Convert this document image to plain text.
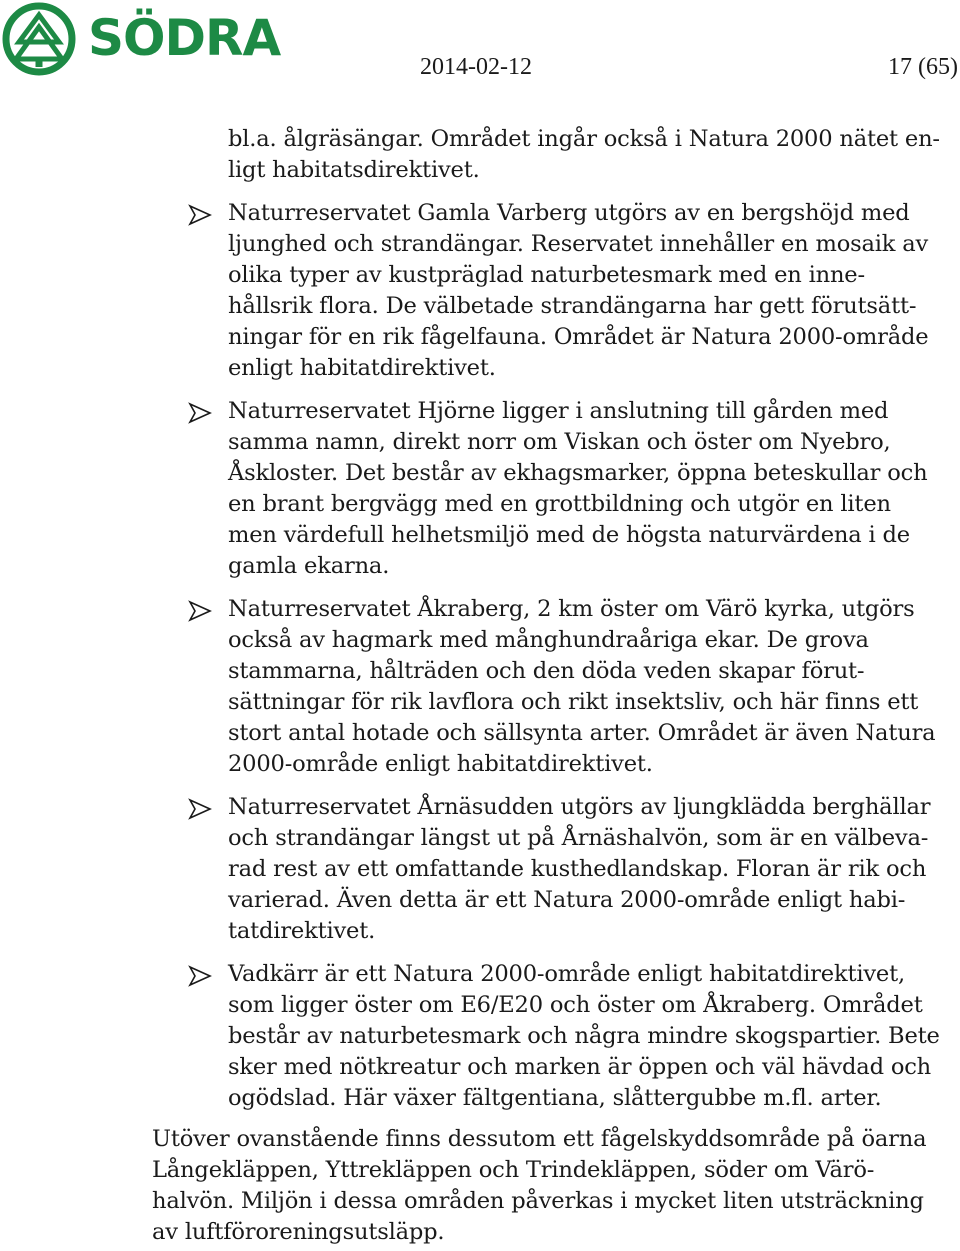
SÖDRA	2014-02-12	17 (65)
bl.a. ålgräsängar. Området ingår också i Natura 2000 nätet en-
ligt habitatsdirektivet.
Naturreservatet Gamla Varberg utgörs av en bergshöjd med
ljunghed och strandängar. Reservatet innehåller en mosaik av
olika typer av kustpräglad naturbetesmark med en inne-
hållsrik flora. De välbetade strandängarna har gett förutsätt-
ningar för en rik fågelfauna. Området är Natura 2000-område
enligt habitatdirektivet.
Naturreservatet Hjörne ligger i anslutning till gården med
samma namn, direkt norr om Viskan och öster om Nyebro,
Åskloster. Det består av ekhagsmarker, öppna beteskullar och
en brant bergvägg med en grottbildning och utgör en liten
men värdefull helhetsmiljö med de högsta naturvärdena i de
gamla ekarna.
Naturreservatet Åkraberg, 2 km öster om Värö kyrka, utgörs
också av hagmark med månghundraåriga ekar. De grova
stammarna, hålträden och den döda veden skapar förut-
sättningar för rik lavflora och rikt insektsliv, och här finns ett
stort antal hotade och sällsynta arter. Området är även Natura
2000-område enligt habitatdirektivet.
Naturreservatet Årnäsudden utgörs av ljungklädda berghällar
och strandängar längst ut på Årnäshalvön, som är en välbeva-
rad rest av ett omfattande kusthedlandskap. Floran är rik och
varierad. Även detta är ett Natura 2000-område enligt habi-
tatdirektivet.
Vadkärr är ett Natura 2000-område enligt habitatdirektivet,
som ligger öster om E6/E20 och öster om Åkraberg. Området
består av naturbetesmark och några mindre skogspartier. Bete
sker med nötkreatur och marken är öppen och väl hävdad och
ogödslad. Här växer fältgentiana, slåttergubbe m.fl. arter.
Utöver ovanstående finns dessutom ett fågelskyddsområde på öarna
Långekläppen, Yttrekläppen och Trindekläppen, söder om Värö-
halvön. Miljön i dessa områden påverkas i mycket liten utsträckning
av luftföroreningsutsläpp.
